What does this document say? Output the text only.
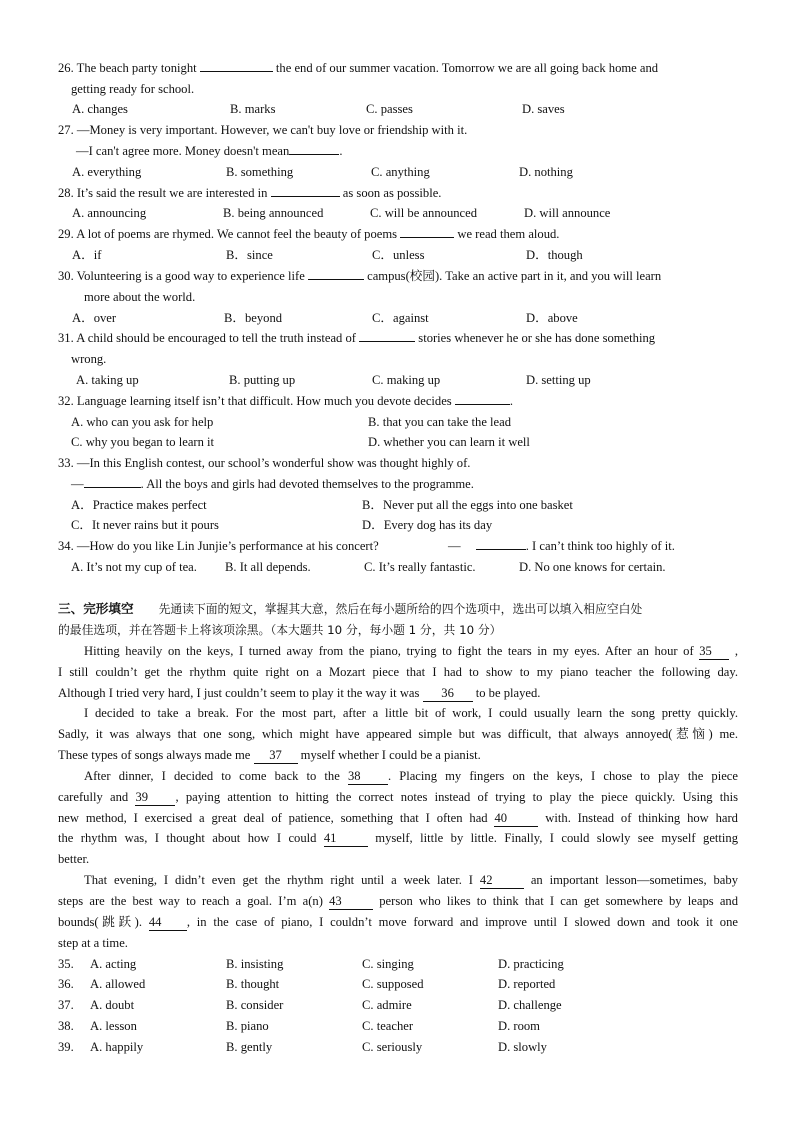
26. The beach party tonight	the end of our summer vacation. Tomorrow we are all going back home and
getting ready for school.
A. changes	B. marks	C. passes	D. saves
27. —Money is very important. However, we can't buy love or friendship with it.
—I can't agree more. Money doesn't mean	.
A. everything	B. something	C. anything	D. nothing
28. It’s said the result we are interested in	as soon as possible.
A. announcing	B. being announced	C. will be announced	D. will announce
29. A lot of poems are rhymed. We cannot feel the beauty of poems	we read them aloud.
A．if	B．since	C．unless	D．though
30. Volunteering is a good way to experience life	campus(校园). Take an active part in it, and you will learn
more about the world.
A．over	B．beyond	C．against	D．above
31. A child should be encouraged to tell the truth instead of	stories whenever he or she has done something
wrong.
A. taking up	B. putting up	C. making up	D. setting up
32. Language learning itself isn’t that difficult. How much you devote decides	.
A. who can you ask for help	B. that you can take the lead
C. why you began to learn it	D. whether you can learn it well
33. —In this English contest, our school’s wonderful show was thought highly of.
—	. All the boys and girls had devoted themselves to the programme.
A．Practice makes perfect	B．Never put all the eggs into one basket
C．It never rains but it pours	D．Every dog has its day
34. —How do you like Lin Junjie’s performance at his concert?	—	. I can’t think too highly of it.
A. It’s not my cup of tea. B. It all depends.	C. It’s really fantastic.	D. No one knows for certain.
三、完形填空 先通读下面的短文，掌握其大意，然后在每小题所给的四个选项中，选出可以填入相应空白处
的最佳选项，并在答题卡上将该项涂黑。（本大题共 10 分，每小题 1 分，共 10 分）
Hitting heavily on the keys, I turned away from the piano, trying to fight the tears in my eyes. After an hour of 35 ,
I still couldn’t get the rhythm quite right on a Mozart piece that I had to show to my piano teacher the following day.
Although I tried very hard, I just couldn’t seem to play it the way it was 36 to be played.
I decided to take a break. For the most part, after a little bit of work, I could usually learn the song pretty quickly.
Sadly, it was always that one song, which might have appeared simple but was difficult, that always annoyed(惹恼) me.
These types of songs always made me 37 myself whether I could be a pianist.
After dinner, I decided to come back to the 38 . Placing my fingers on the keys, I chose to play the piece
carefully and 39 , paying attention to hitting the correct notes instead of trying to play the piece quickly. Using this
new method, I exercised a great deal of patience, something that I often had 40 with. Instead of thinking how hard
the rhythm was, I thought about how I could 41 myself, little by little. Finally, I could slowly see myself getting
better.
That evening, I didn’t even get the rhythm right until a week later. I 42 an important lesson—sometimes, baby
steps are the best way to reach a goal. I’m a(n) 43 person who likes to think that I can get somewhere by leaps and
bounds(跳跃). 44 , in the case of piano, I couldn’t move forward and improve until I slowed down and took it one
step at a time.
35. A. acting	B. insisting	C. singing	D. practicing
36. A. allowed	B. thought	C. supposed	D. reported
37. A. doubt	B. consider	C. admire	D. challenge
38. A. lesson	B. piano	C. teacher	D. room
39. A. happily	B. gently	C. seriously	D. slowly
